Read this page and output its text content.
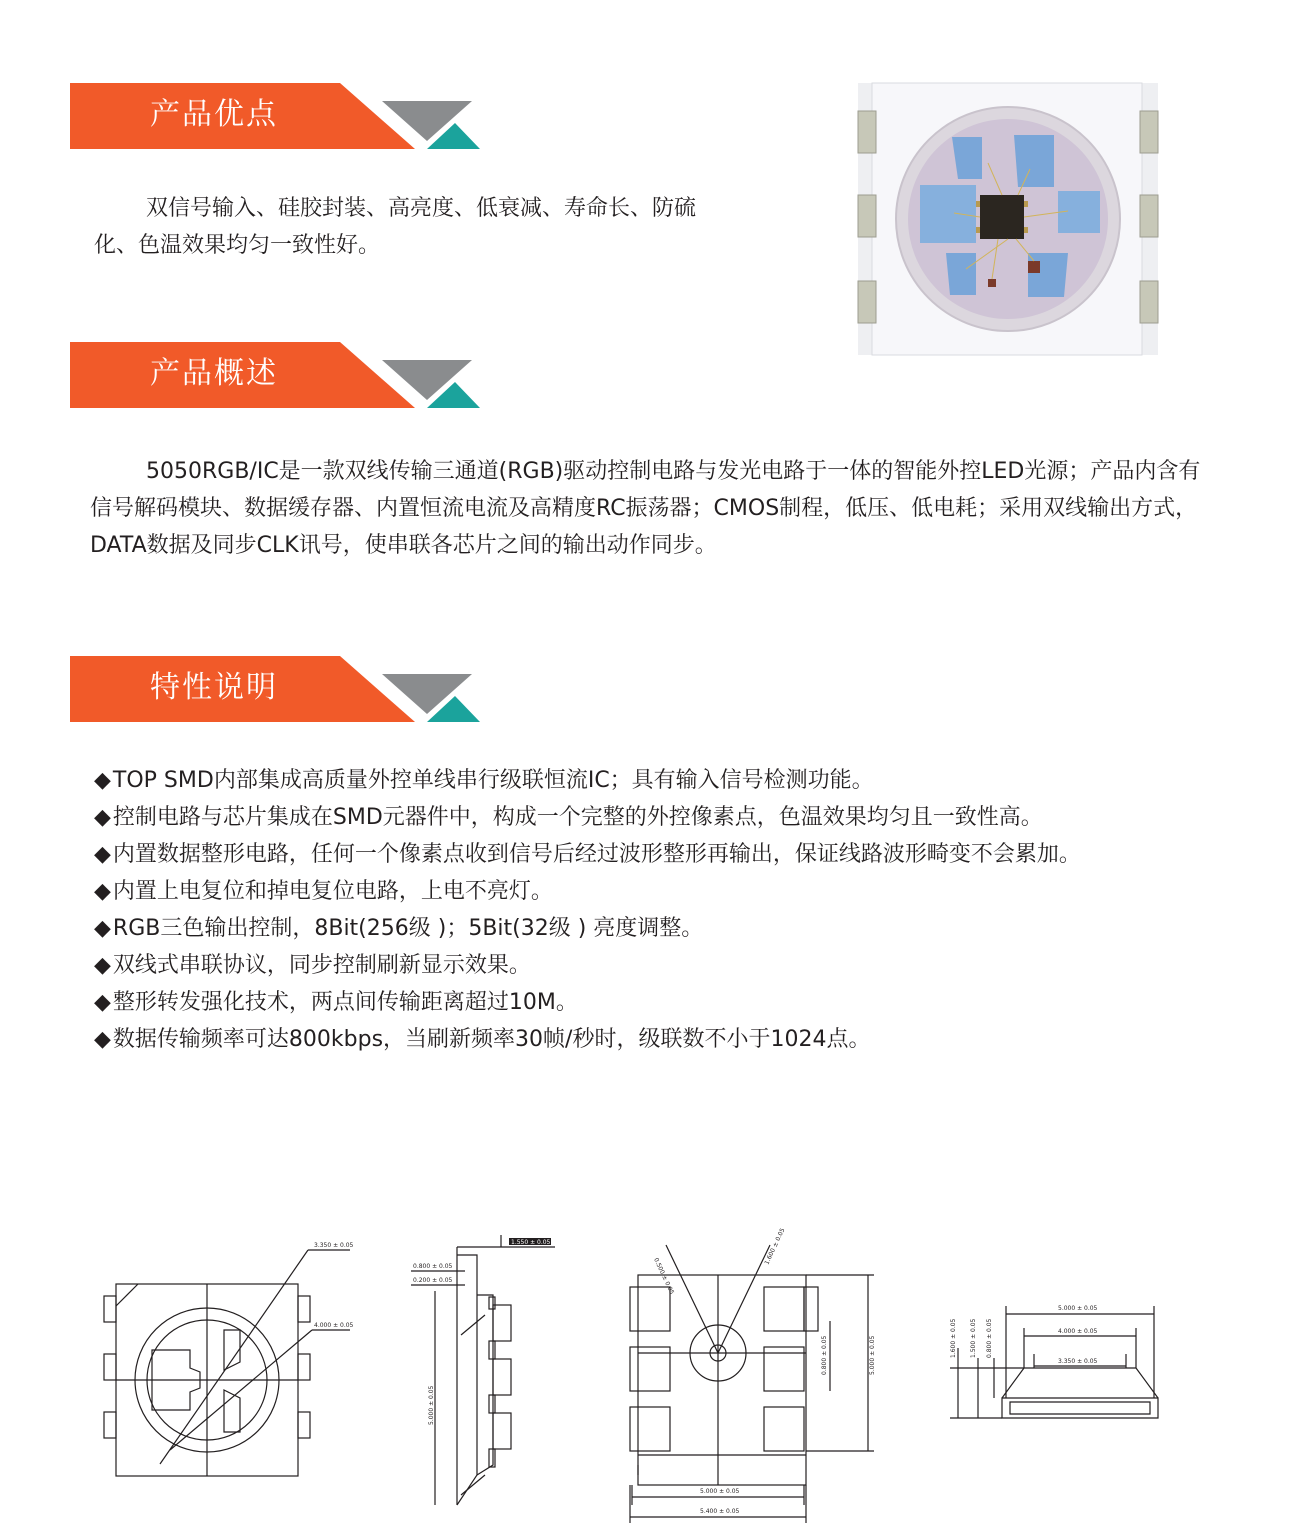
产品优点

双信号输入、硅胶封装、高亮度、低衰减、寿命长、防硫化、色温效果均匀一致性好。

产品概述

5050RGB/IC是一款双线传输三通道(RGB)驱动控制电路与发光电路于一体的智能外控LED光源；产品内含有信号解码模块、数据缓存器、内置恒流电流及高精度RC振荡器；CMOS制程，低压、低电耗；采用双线输出方式， DATA数据及同步CLK讯号，使串联各芯片之间的输出动作同步。

特性说明
◆TOP SMD内部集成高质量外控单线串行级联恒流IC；具有输入信号检测功能。
◆控制电路与芯片集成在SMD元器件中，构成一个完整的外控像素点，色温效果均匀且一致性高。
◆内置数据整形电路，任何一个像素点收到信号后经过波形整形再输出，保证线路波形畸变不会累加。
◆内置上电复位和掉电复位电路，上电不亮灯。
◆RGB三色输出控制，8Bit(256级 )；5Bit(32级 ) 亮度调整。
◆双线式串联协议，同步控制刷新显示效果。
◆整形转发强化技术，两点间传输距离超过10M。
◆数据传输频率可达800kbps，当刷新频率30帧/秒时，级联数不小于1024点。
3.350 ± 0.05
4.000 ± 0.05
1.550 ± 0.05
0.800 ± 0.05
0.200 ± 0.05
5.000 ± 0.05
0.500 ± 0.05
1.600 ± 0.05
0.800 ± 0.05	5.000 ± 0.05
5.000 ± 0.05
5.400 ± 0.05
5.000 ± 0.05
4.000 ± 0.05
3.350 ± 0.05
1.600 ± 0.05 1.500 ± 0.05 0.800 ± 0.05
